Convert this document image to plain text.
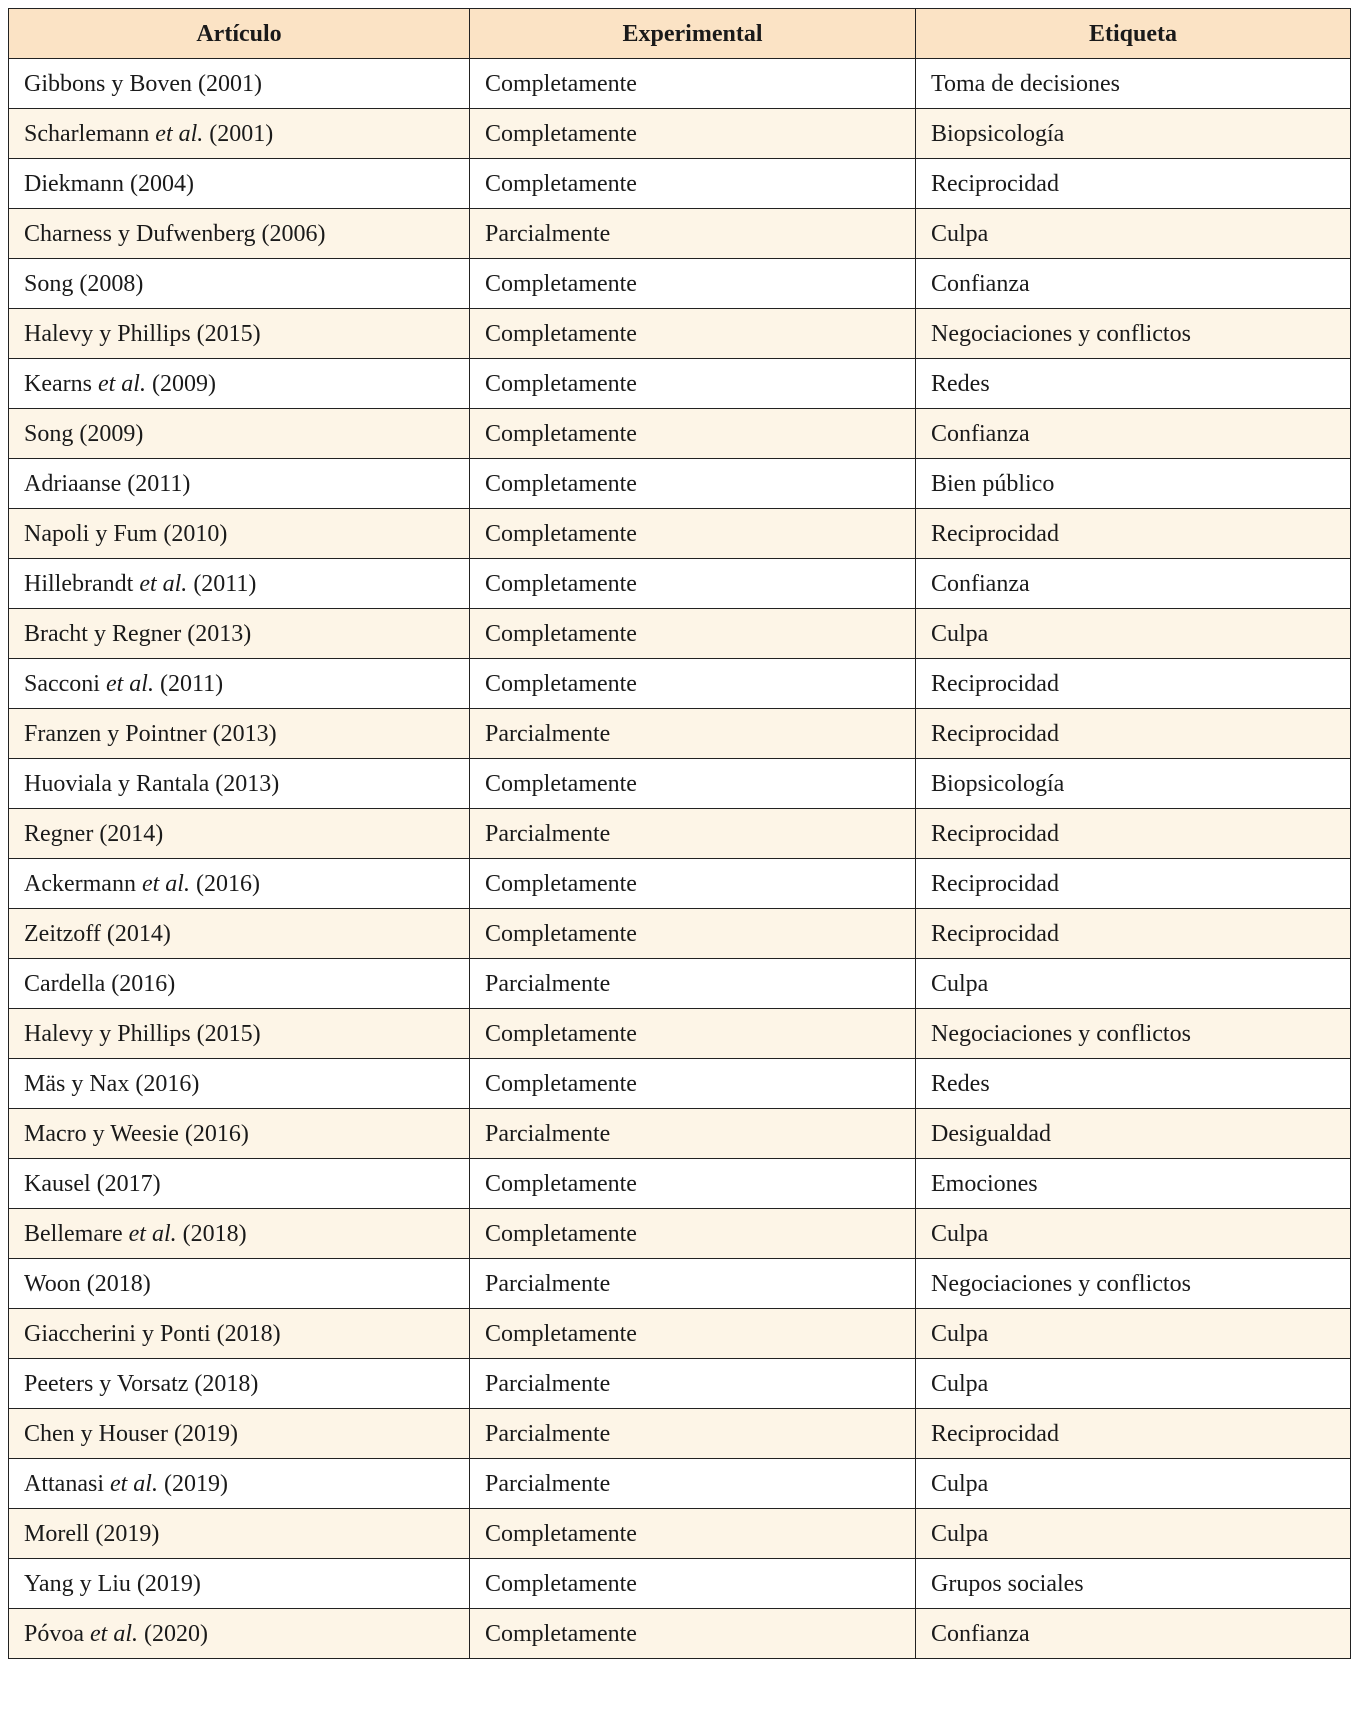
Artículo	Experimental	Etiqueta
Gibbons y Boven (2001)	Completamente	Toma de decisiones
Scharlemann et al. (2001)	Completamente	Biopsicología
Diekmann (2004)	Completamente	Reciprocidad
Charness y Dufwenberg (2006)	Parcialmente	Culpa
Song (2008)	Completamente	Confianza
Halevy y Phillips (2015)	Completamente	Negociaciones y conflictos
Kearns et al. (2009)	Completamente	Redes
Song (2009)	Completamente	Confianza
Adriaanse (2011)	Completamente	Bien público
Napoli y Fum (2010)	Completamente	Reciprocidad
Hillebrandt et al. (2011)	Completamente	Confianza
Bracht y Regner (2013)	Completamente	Culpa
Sacconi et al. (2011)	Completamente	Reciprocidad
Franzen y Pointner (2013)	Parcialmente	Reciprocidad
Huoviala y Rantala (2013)	Completamente	Biopsicología
Regner (2014)	Parcialmente	Reciprocidad
Ackermann et al. (2016)	Completamente	Reciprocidad
Zeitzoff (2014)	Completamente	Reciprocidad
Cardella (2016)	Parcialmente	Culpa
Halevy y Phillips (2015)	Completamente	Negociaciones y conflictos
Mäs y Nax (2016)	Completamente	Redes
Macro y Weesie (2016)	Parcialmente	Desigualdad
Kausel (2017)	Completamente	Emociones
Bellemare et al. (2018)	Completamente	Culpa
Woon (2018)	Parcialmente	Negociaciones y conflictos
Giaccherini y Ponti (2018)	Completamente	Culpa
Peeters y Vorsatz (2018)	Parcialmente	Culpa
Chen y Houser (2019)	Parcialmente	Reciprocidad
Attanasi et al. (2019)	Parcialmente	Culpa
Morell (2019)	Completamente	Culpa
Yang y Liu (2019)	Completamente	Grupos sociales
Póvoa et al. (2020)	Completamente	Confianza
